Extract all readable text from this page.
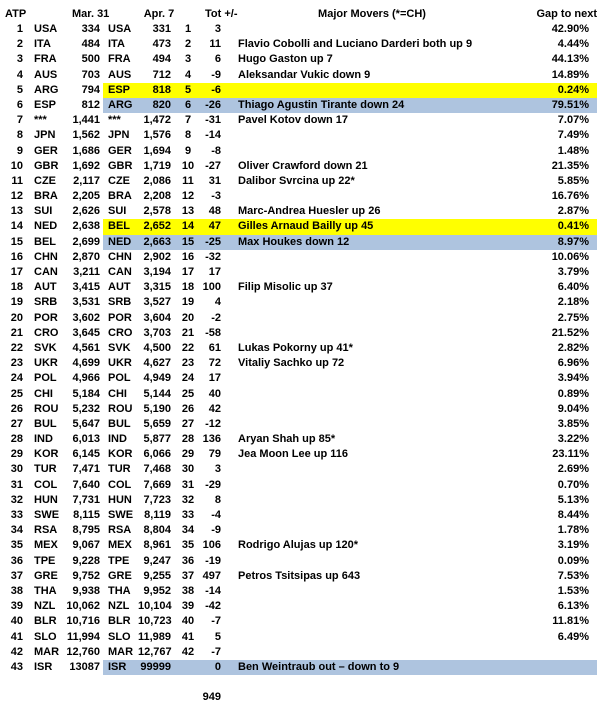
ATP	Mar. 31	Apr. 7	Tot +/-	Major Movers (*=CH)	Gap to next
1 USA	334 USA	331	1	3	42.90%
2 ITA	484 ITA	473	2	11	Flavio Cobolli and Luciano Darderi both up 9	4.44%
3 FRA	500 FRA	494	3	6	Hugo Gaston up 7	44.13%
4 AUS	703 AUS	712	4	-9	Aleksandar Vukic down 9	14.89%
5 ARG	794 ESP	818	5	-6	0.24%
6 ESP	812 ARG	820	6	-26	Thiago Agustin Tirante down 24	79.51%
7 ***	1,441 ***	1,472	7	-31	Pavel Kotov down 17	7.07%
8 JPN	1,562 JPN	1,576	8	-14	7.49%
9 GER	1,686 GER	1,694	9	-8	1.48%
10 GBR	1,692 GBR	1,719 10 -27	Oliver Crawford down 21	21.35%
11 CZE	2,117 CZE	2,086	11	31	Dalibor Svrcina up 22*	5.85%
12 BRA	2,205 BRA	2,208 12	-3	16.76%
13 SUI	2,626 SUI	2,578 13	48	Marc-Andrea Huesler up 26	2.87%
14 NED	2,638 BEL	2,652 14	47	Gilles Arnaud Bailly up 45	0.41%
15 BEL	2,699 NED	2,663 15 -25	Max Houkes down 12	8.97%
16 CHN	2,870 CHN	2,902 16 -32	10.06%
17 CAN	3,211 CAN	3,194 17	17	3.79%
18 AUT	3,415 AUT	3,315 18 100	Filip Misolic up 37	6.40%
19 SRB	3,531 SRB	3,527 19	4	2.18%
20 POR	3,602 POR	3,604 20	-2	2.75%
21 CRO	3,645 CRO	3,703 21 -58	21.52%
22 SVK	4,561 SVK	4,500 22	61	Lukas Pokorny up 41*	2.82%
23 UKR	4,699 UKR	4,627 23	72	Vitaliy Sachko up 72	6.96%
24 POL	4,966 POL	4,949 24	17	3.94%
25 CHI	5,184 CHI	5,144 25	40	0.89%
26 ROU	5,232 ROU	5,190 26	42	9.04%
27 BUL	5,647 BUL	5,659 27 -12	3.85%
28 IND	6,013 IND	5,877 28 136	Aryan Shah up 85*	3.22%
29 KOR	6,145 KOR	6,066 29	79	Jea Moon Lee up 116	23.11%
30 TUR	7,471 TUR	7,468 30	3	2.69%
31 COL	7,640 COL	7,669 31 -29	0.70%
32 HUN	7,731 HUN	7,723 32	8	5.13%
33 SWE	8,115 SWE	8,119 33	-4	8.44%
34 RSA	8,795 RSA	8,804 34	-9	1.78%
35 MEX	9,067 MEX	8,961 35 106	Rodrigo Alujas up 120*	3.19%
36 TPE	9,228 TPE	9,247 36 -19	0.09%
37 GRE	9,752 GRE	9,255 37 497	Petros Tsitsipas up 643	7.53%
38 THA	9,938 THA	9,952 38 -14	1.53%
39 NZL 10,062 NZL 10,104 39 -42	6.13%
40 BLR 10,716 BLR 10,723 40	-7	11.81%
41 SLO 11,994 SLO 11,989 41	5	6.49%
42 MAR 12,760 MAR 12,767 42	-7
43 ISR	13087 ISR	99999	0	Ben Weintraub out – down to 9
949
